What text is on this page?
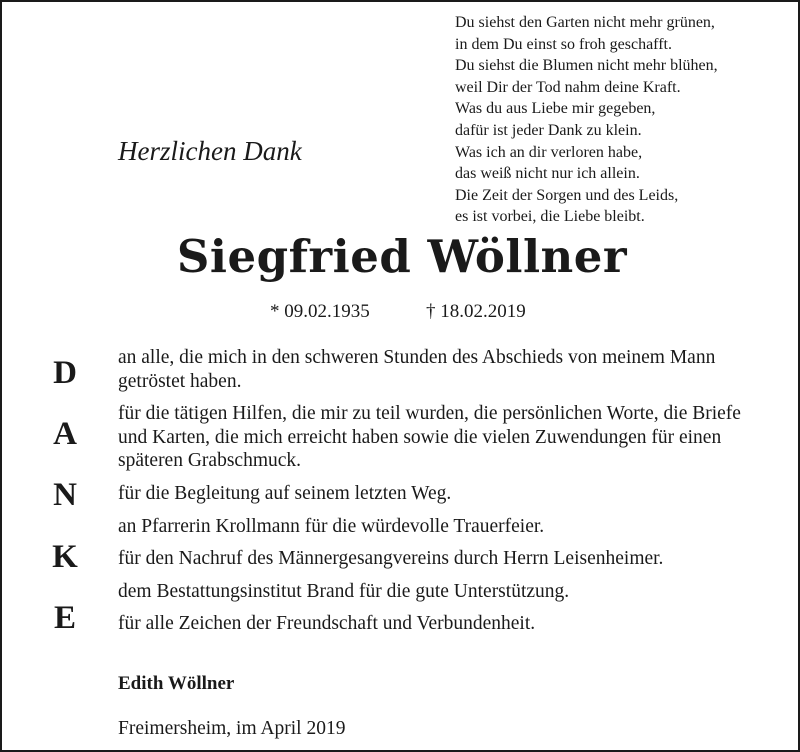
Herzlichen Dank
Du siehst den Garten nicht mehr grünen,
in dem Du einst so froh geschafft.
Du siehst die Blumen nicht mehr blühen,
weil Dir der Tod nahm deine Kraft.
Was du aus Liebe mir gegeben,
dafür ist jeder Dank zu klein.
Was ich an dir verloren habe,
das weiß nicht nur ich allein.
Die Zeit der Sorgen und des Leids,
es ist vorbei, die Liebe bleibt.
Siegfried Wöllner
* 09.02.1935	† 18.02.2019
D
A
N
K
E
an alle, die mich in den schweren Stunden des Abschieds von meinem Mann getröstet haben.
für die tätigen Hilfen, die mir zu teil wurden, die persönlichen Worte, die Briefe und Karten, die mich erreicht haben sowie die vielen Zuwendungen für einen späteren Grabschmuck.
für die Begleitung auf seinem letzten Weg.
an Pfarrerin Krollmann für die würdevolle Trauerfeier.
für den Nachruf des Männergesangvereins durch Herrn Leisenheimer.
dem Bestattungsinstitut Brand für die gute Unterstützung.
für alle Zeichen der Freundschaft und Verbundenheit.
Edith Wöllner
Freimersheim, im April 2019
